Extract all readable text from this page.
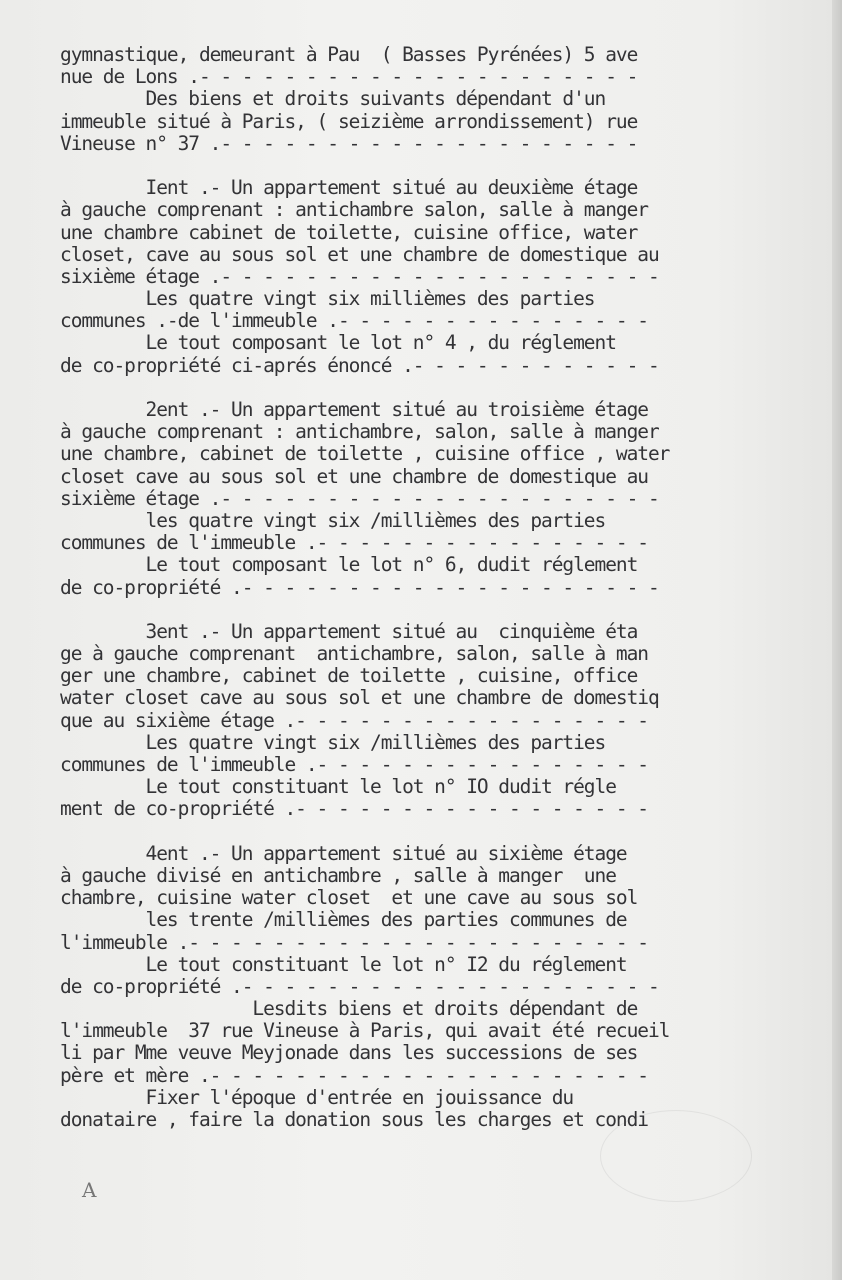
gymnastique, demeurant à Pau  ( Basses Pyrénées) 5 ave
nue de Lons .- - - - - - - - - - - - - - - - - - - - -
Des biens et droits suivants dépendant d'un
immeuble situé à Paris, ( seizième arrondissement) rue
Vineuse n° 37 .- - - - - - - - - - - - - - - - - - - -
Ient .- Un appartement situé au deuxième étage
à gauche comprenant : antichambre salon, salle à manger
une chambre cabinet de toilette, cuisine office, water
closet, cave au sous sol et une chambre de domestique au
sixième étage .- - - - - - - - - - - - - - - - - - - - -
Les quatre vingt six millièmes des parties
communes .-de l'immeuble .- - - - - - - - - - - - - - -
Le tout composant le lot n° 4 , du réglement
de co-propriété ci-aprés énoncé .- - - - - - - - - - - -
2ent .- Un appartement situé au troisième étage
à gauche comprenant : antichambre, salon, salle à manger
une chambre, cabinet de toilette , cuisine office , water
closet cave au sous sol et une chambre de domestique au
sixième étage .- - - - - - - - - - - - - - - - - - - - -
les quatre vingt six /millièmes des parties
communes de l'immeuble .- - - - - - - - - - - - - - - -
Le tout composant le lot n° 6, dudit réglement
de co-propriété .- - - - - - - - - - - - - - - - - - - -
3ent .- Un appartement situé au  cinquième éta
ge à gauche comprenant  antichambre, salon, salle à man
ger une chambre, cabinet de toilette , cuisine, office
water closet cave au sous sol et une chambre de domestiq
que au sixième étage .- - - - - - - - - - - - - - - - -
Les quatre vingt six /millièmes des parties
communes de l'immeuble .- - - - - - - - - - - - - - - -
Le tout constituant le lot n° IO dudit régle
ment de co-propriété .- - - - - - - - - - - - - - - - -
4ent .- Un appartement situé au sixième étage
à gauche divisé en antichambre , salle à manger  une
chambre, cuisine water closet  et une cave au sous sol
les trente /millièmes des parties communes de
l'immeuble .- - - - - - - - - - - - - - - - - - - - - -
Le tout constituant le lot n° I2 du réglement
de co-propriété .- - - - - - - - - - - - - - - - - - - -
Lesdits biens et droits dépendant de
l'immeuble  37 rue Vineuse à Paris, qui avait été recueil
li par Mme veuve Meyjonade dans les successions de ses
père et mère .- - - - - - - - - - - - - - - - - - - - -
Fixer l'époque d'entrée en jouissance du
donataire , faire la donation sous les charges et condi
A
